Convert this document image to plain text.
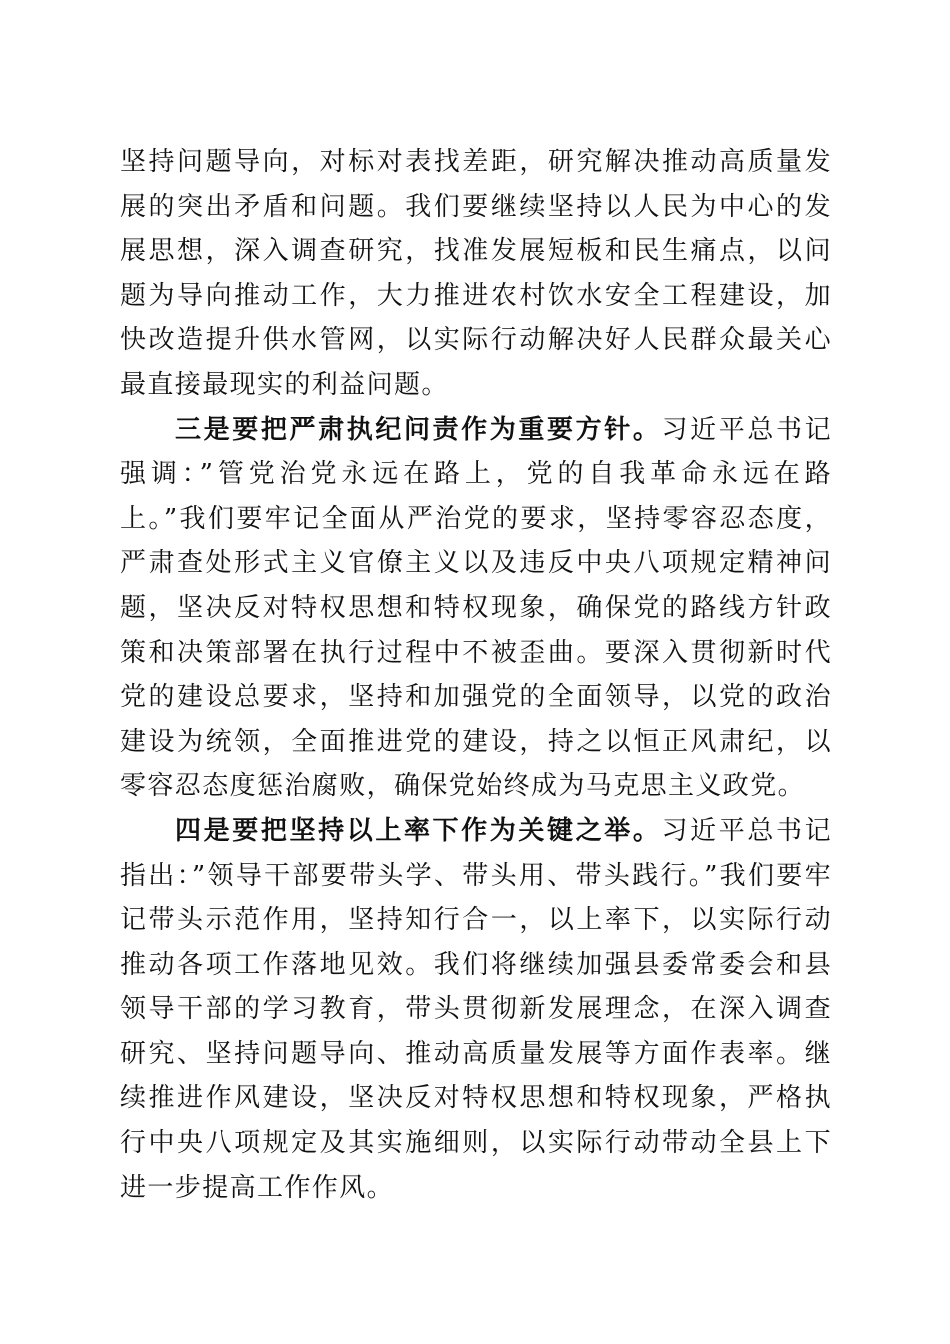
坚持问题导向，对标对表找差距，研究解决推动高质量发展的突出矛盾和问题。我们要继续坚持以人民为中心的发展思想，深入调查研究，找准发展短板和民生痛点，以问题为导向推动工作，大力推进农村饮水安全工程建设，加快改造提升供水管网，以实际行动解决好人民群众最关心最直接最现实的利益问题。

三是要把严肃执纪问责作为重要方针。习近平总书记强调：”管党治党永远在路上，党的自我革命永远在路上。”我们要牢记全面从严治党的要求，坚持零容忍态度，严肃查处形式主义官僚主义以及违反中央八项规定精神问题，坚决反对特权思想和特权现象，确保党的路线方针政策和决策部署在执行过程中不被歪曲。要深入贯彻新时代党的建设总要求，坚持和加强党的全面领导，以党的政治建设为统领，全面推进党的建设，持之以恒正风肃纪，以零容忍态度惩治腐败，确保党始终成为马克思主义政党。

四是要把坚持以上率下作为关键之举。习近平总书记指出：”领导干部要带头学、带头用、带头践行。”我们要牢记带头示范作用，坚持知行合一，以上率下，以实际行动推动各项工作落地见效。我们将继续加强县委常委会和县领导干部的学习教育，带头贯彻新发展理念，在深入调查研究、坚持问题导向、推动高质量发展等方面作表率。继续推进作风建设，坚决反对特权思想和特权现象，严格执行中央八项规定及其实施细则，以实际行动带动全县上下进一步提高工作作风。
